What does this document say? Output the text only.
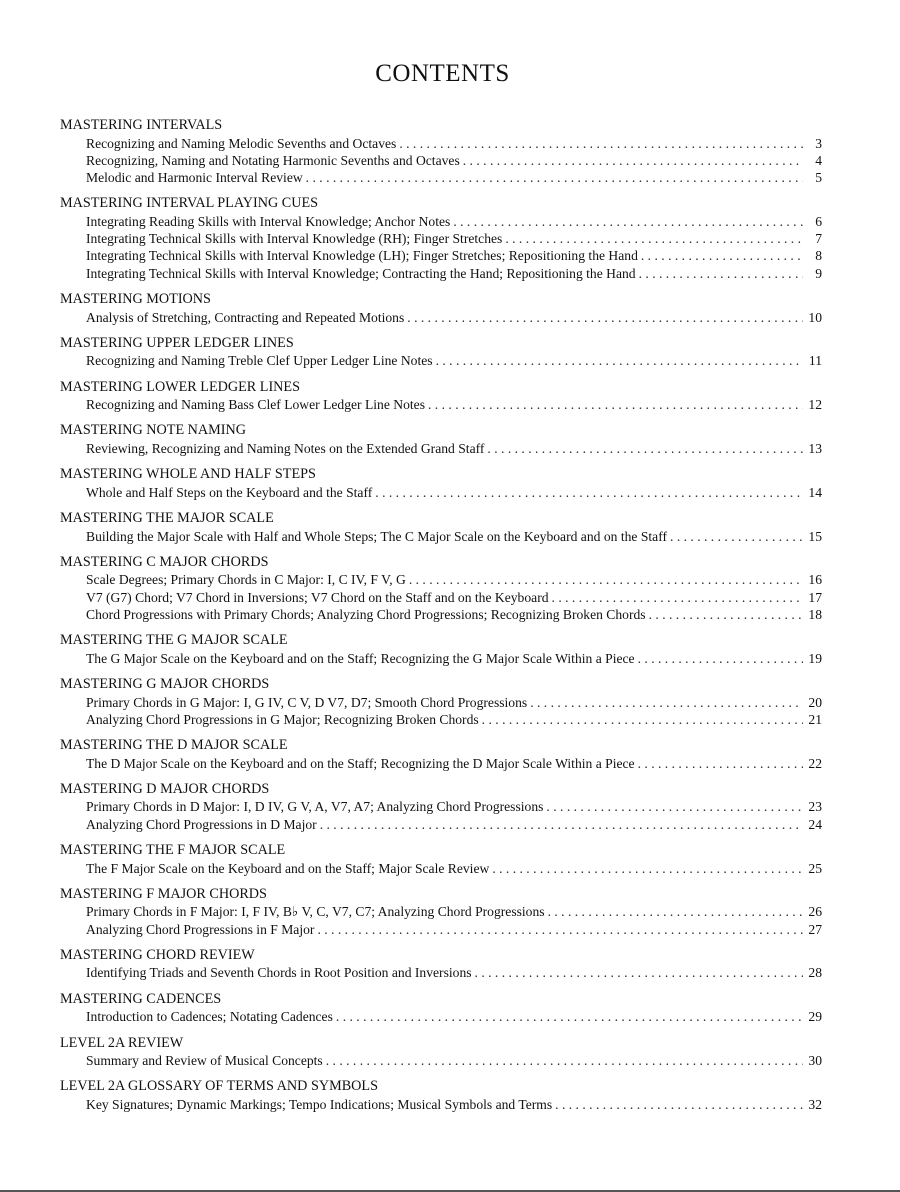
CONTENTS
MASTERING INTERVALS
Recognizing and Naming Melodic Sevenths and Octaves . . .	3
Recognizing, Naming and Notating Harmonic Sevenths and Octaves . . .	4
Melodic and Harmonic Interval Review . . .	5
MASTERING INTERVAL PLAYING CUES
Integrating Reading Skills with Interval Knowledge; Anchor Notes . . .	6
Integrating Technical Skills with Interval Knowledge (RH); Finger Stretches . . .	7
Integrating Technical Skills with Interval Knowledge (LH); Finger Stretches; Repositioning the Hand . . .	8
Integrating Technical Skills with Interval Knowledge; Contracting the Hand; Repositioning the Hand . . .	9
MASTERING MOTIONS
Analysis of Stretching, Contracting and Repeated Motions . . .	10
MASTERING UPPER LEDGER LINES
Recognizing and Naming Treble Clef Upper Ledger Line Notes . . .	11
MASTERING LOWER LEDGER LINES
Recognizing and Naming Bass Clef Lower Ledger Line Notes . . .	12
MASTERING NOTE NAMING
Reviewing, Recognizing and Naming Notes on the Extended Grand Staff . . .	13
MASTERING WHOLE AND HALF STEPS
Whole and Half Steps on the Keyboard and the Staff . . .	14
MASTERING THE MAJOR SCALE
Building the Major Scale with Half and Whole Steps; The C Major Scale on the Keyboard and on the Staff . . .	15
MASTERING C MAJOR CHORDS
Scale Degrees; Primary Chords in C Major: I, C IV, F V, G . . .	16
V7 (G7) Chord; V7 Chord in Inversions; V7 Chord on the Staff and on the Keyboard . . .	17
Chord Progressions with Primary Chords; Analyzing Chord Progressions; Recognizing Broken Chords . . .	18
MASTERING THE G MAJOR SCALE
The G Major Scale on the Keyboard and on the Staff; Recognizing the G Major Scale Within a Piece . . .	19
MASTERING G MAJOR CHORDS
Primary Chords in G Major: I, G IV, C V, D V7, D7; Smooth Chord Progressions . . .	20
Analyzing Chord Progressions in G Major; Recognizing Broken Chords . . .	21
MASTERING THE D MAJOR SCALE
The D Major Scale on the Keyboard and on the Staff; Recognizing the D Major Scale Within a Piece . . .	22
MASTERING D MAJOR CHORDS
Primary Chords in D Major: I, D IV, G V, A, V7, A7; Analyzing Chord Progressions . . .	23
Analyzing Chord Progressions in D Major . . .	24
MASTERING THE F MAJOR SCALE
The F Major Scale on the Keyboard and on the Staff; Major Scale Review . . .	25
MASTERING F MAJOR CHORDS
Primary Chords in F Major: I, F IV, B♭ V, C, V7, C7; Analyzing Chord Progressions . . .	26
Analyzing Chord Progressions in F Major . . .	27
MASTERING CHORD REVIEW
Identifying Triads and Seventh Chords in Root Position and Inversions . . .	28
MASTERING CADENCES
Introduction to Cadences; Notating Cadences . . .	29
LEVEL 2A REVIEW
Summary and Review of Musical Concepts . . .	30
LEVEL 2A GLOSSARY OF TERMS AND SYMBOLS
Key Signatures; Dynamic Markings; Tempo Indications; Musical Symbols and Terms . . .	32
